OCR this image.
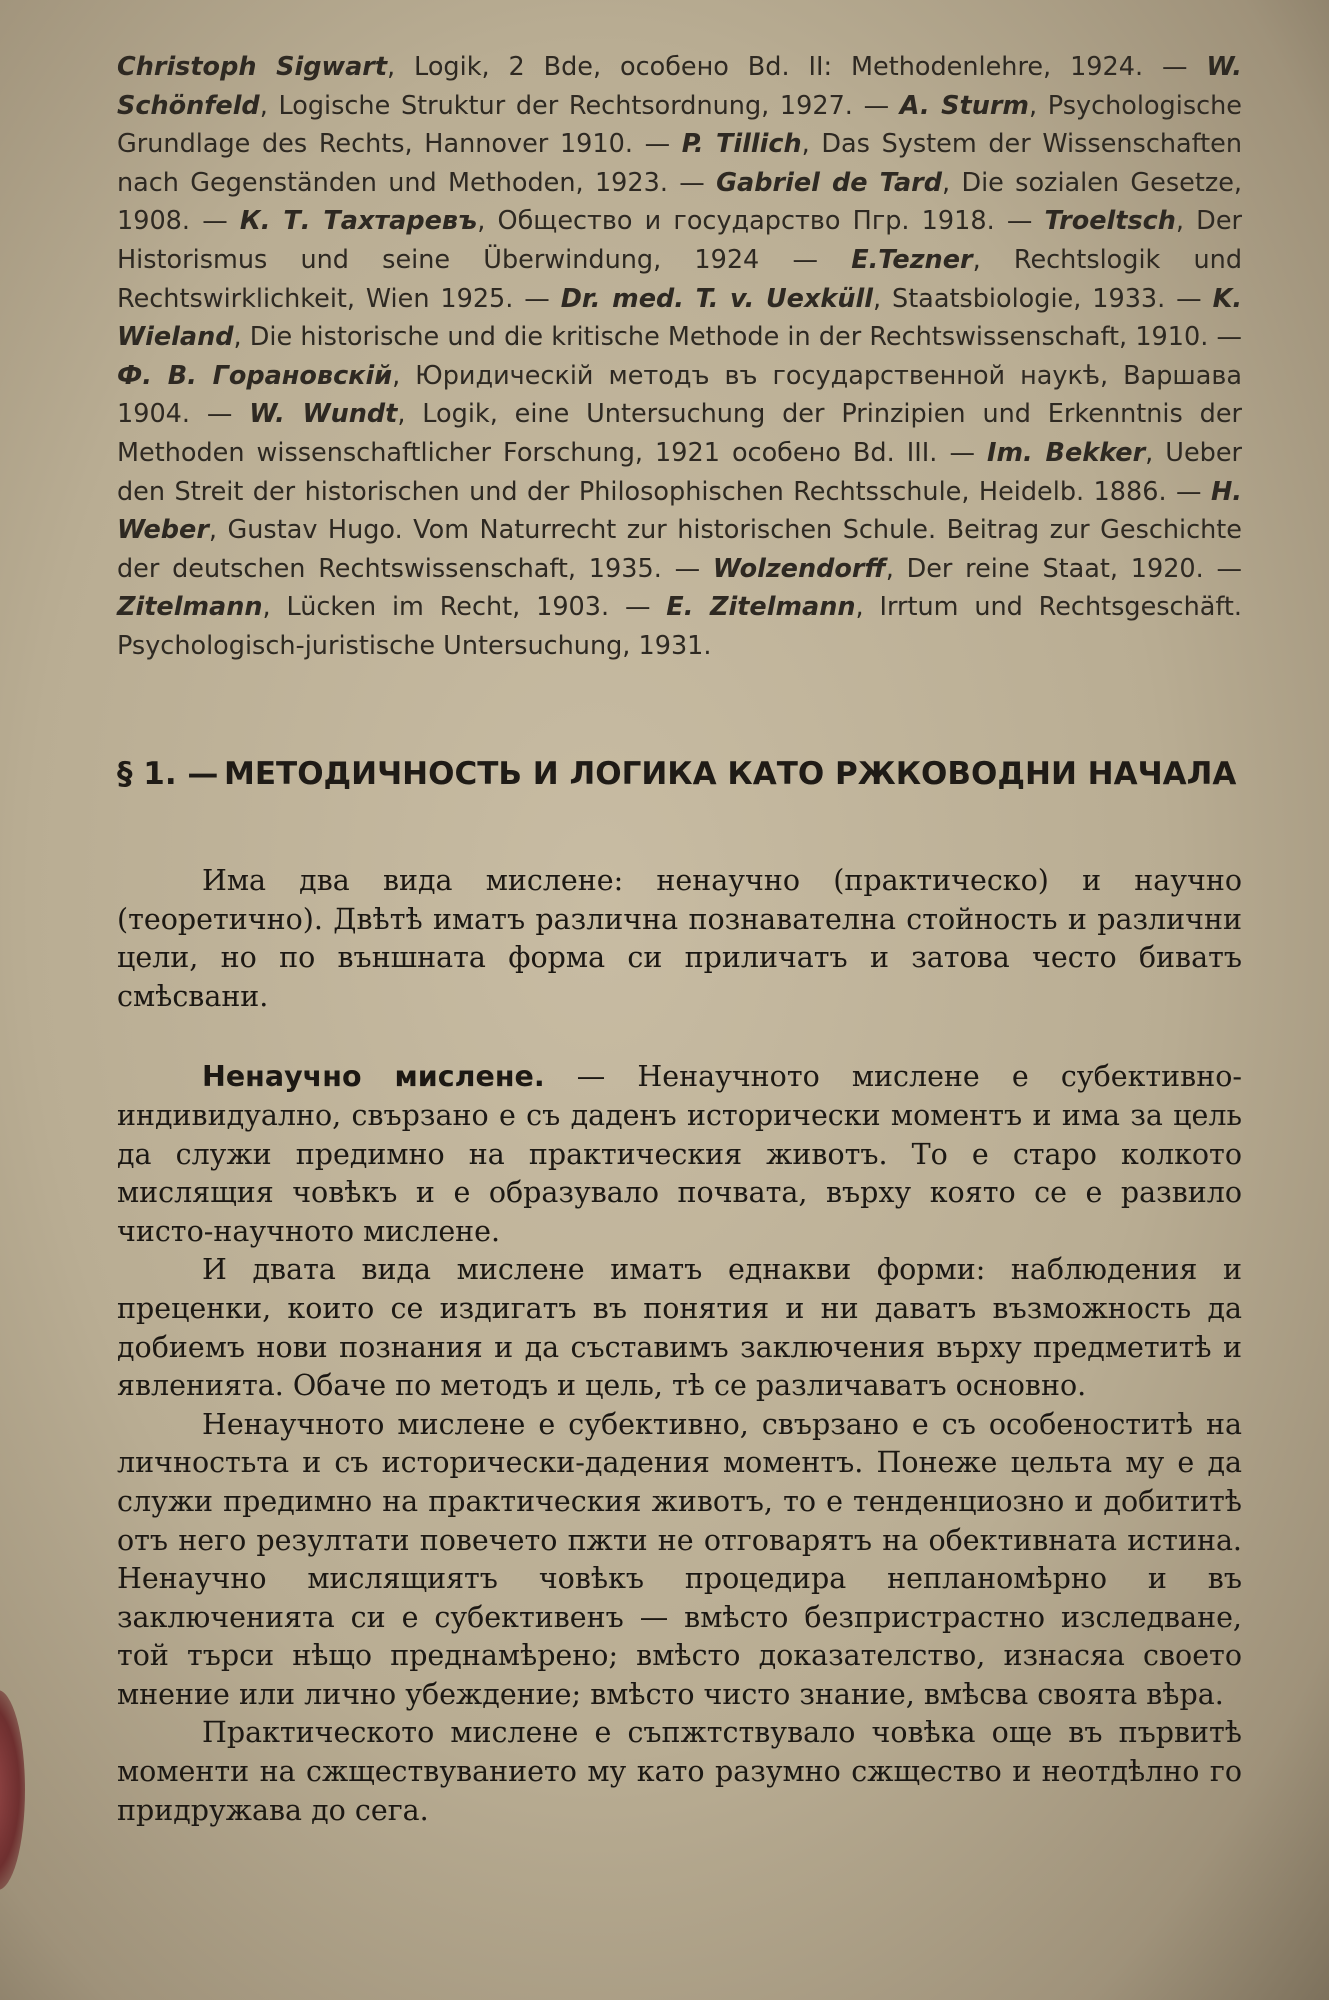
Christoph Sigwart, Logik, 2 Bde, особено Bd. II: Methodenlehre, 1924. — W. Schönfeld, Logische Struktur der Rechtsordnung, 1927. — A. Sturm, Psychologische Grundlage des Rechts, Hannover 1910. — P. Tillich, Das System der Wissenschaften nach Gegenständen und Methoden, 1923. — Gabriel de Tard, Die sozialen Gesetze, 1908. — К. Т. Тахтаревъ, Общество и государство Пгр. 1918. — Troeltsch, Der Historismus und seine Überwindung, 1924	— E.Tezner, Rechtslogik und Rechtswirklichkeit, Wien 1925. — Dr. med. T. v. Uexküll, Staatsbiologie, 1933. — K. Wieland, Die historische und die kritische Methode in der Rechtswissenschaft, 1910. — Ф. В. Горановскій, Юридическій методъ въ государственной наукѣ, Варшава 1904. — W. Wundt, Logik, eine Untersuchung der Prinzipien und Erkenntnis der Methoden wissenschaftlicher Forschung, 1921 особено Bd. III. — Im. Bekker, Ueber den Streit der historischen und der Philosophischen Rechtsschule, Heidelb. 1886. — H. Weber, Gustav Hugo. Vom Naturrecht zur historischen Schule. Beitrag zur Geschichte der deutschen Rechtswissenschaft, 1935. — Wolzendorff, Der reine Staat, 1920. — Zitelmann, Lücken im Recht, 1903. — E. Zitelmann, Irrtum und Rechtsgeschäft. Psychologisch-juristische Untersuchung, 1931.
§ 1. — МЕТОДИЧНОСТЬ И ЛОГИКА КАТО РЖКОВОДНИ НАЧАЛА

Има два вида мислене: ненаучно (практическо) и научно (теоретично). Двѣтѣ иматъ различна познавателна стойность и различни цели, но по външната форма си приличатъ и затова често биватъ смѣсвани.

Ненаучно мислене. — Ненаучното мислене е субективно-индивидуално, свързано е съ даденъ исторически моментъ и има за цель да служи предимно на практическия животъ. То е старо колкото мислящия човѣкъ и е образувало почвата, върху която се е развило чисто-научното мислене.

И двата вида мислене иматъ еднакви форми: наблюдения и преценки, които се издигатъ въ понятия и ни даватъ възможность да добиемъ нови познания и да съставимъ заключения върху предметитѣ и явленията. Обаче по методъ и цель, тѣ се различаватъ основно.

Ненаучното мислене е субективно, свързано е съ особеноститѣ на личностьта и съ исторически-дадения моментъ. Понеже цельта му е да служи предимно на практическия животъ, то е тенденциозно и добититѣ отъ него резултати повечето пжти не отговарятъ на обективната истина. Ненаучно мислящиятъ човѣкъ процедира непланомѣрно и въ заключенията си е субективенъ — вмѣсто безпристрастно изследване, той търси нѣщо преднамѣрено; вмѣсто доказателство, изнасяа своето мнение или лично убеждение; вмѣсто чисто знание, вмѣсва своята вѣра.

Практическото мислене е съпжтствувало човѣка още въ първитѣ моменти на сжществуванието му като разумно сжщество и неотдѣлно го придружава до сега.
